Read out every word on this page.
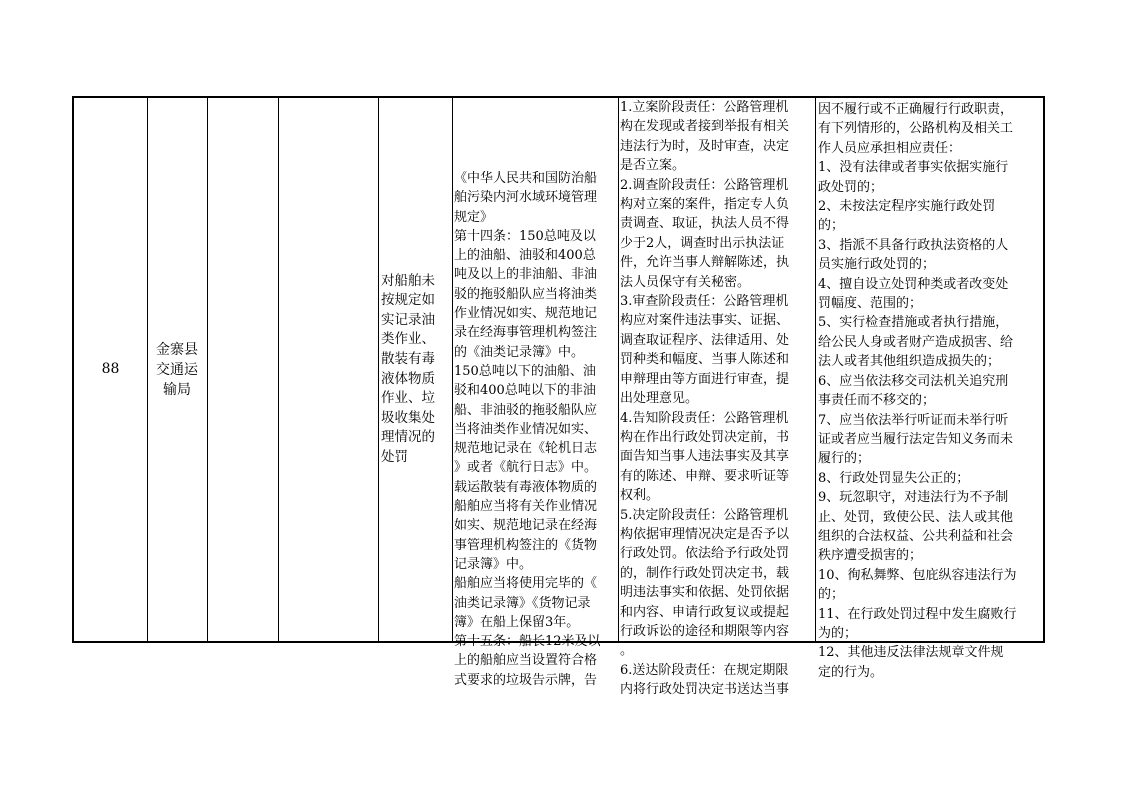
88
金寨县
交通运
输局
对船舶未
按规定如
实记录油
类作业、
散装有毒
液体物质
作业、垃
圾收集处
理情况的
处罚
《中华人民共和国防治船
舶污染内河水域环境管理
规定》
第十四条：150总吨及以
上的油船、油驳和400总
吨及以上的非油船、非油
驳的拖驳船队应当将油类
作业情况如实、规范地记
录在经海事管理机构签注
的《油类记录簿》中。
150总吨以下的油船、油
驳和400总吨以下的非油
船、非油驳的拖驳船队应
当将油类作业情况如实、
规范地记录在《轮机日志
》或者《航行日志》中。
载运散装有毒液体物质的
船舶应当将有关作业情况
如实、规范地记录在经海
事管理机构签注的《货物
记录簿》中。
船舶应当将使用完毕的《
油类记录簿》《货物记录
簿》在船上保留3年。
第十五条：船长12米及以
上的船舶应当设置符合格
式要求的垃圾告示牌，告
1.立案阶段责任：公路管理机
构在发现或者接到举报有相关
违法行为时，及时审查，决定
是否立案。
2.调查阶段责任：公路管理机
构对立案的案件，指定专人负
责调查、取证，执法人员不得
少于2人，调查时出示执法证
件，允许当事人辩解陈述，执
法人员保守有关秘密。
3.审查阶段责任：公路管理机
构应对案件违法事实、证据、
调查取证程序、法律适用、处
罚种类和幅度、当事人陈述和
申辩理由等方面进行审查，提
出处理意见。
4.告知阶段责任：公路管理机
构在作出行政处罚决定前，书
面告知当事人违法事实及其享
有的陈述、申辩、要求听证等
权利。
5.决定阶段责任：公路管理机
构依据审理情况决定是否予以
行政处罚。依法给予行政处罚
的，制作行政处罚决定书，载
明违法事实和依据、处罚依据
和内容、申请行政复议或提起
行政诉讼的途径和期限等内容
。
6.送达阶段责任：在规定期限
内将行政处罚决定书送达当事
因不履行或不正确履行行政职责，
有下列情形的，公路机构及相关工
作人员应承担相应责任：
1、没有法律或者事实依据实施行
政处罚的；
2、未按法定程序实施行政处罚
的；
3、指派不具备行政执法资格的人
员实施行政处罚的；
4、擅自设立处罚种类或者改变处
罚幅度、范围的；
5、实行检查措施或者执行措施，
给公民人身或者财产造成损害、给
法人或者其他组织造成损失的；
6、应当依法移交司法机关追究刑
事责任而不移交的；
7、应当依法举行听证而未举行听
证或者应当履行法定告知义务而未
履行的；
8、行政处罚显失公正的；
9、玩忽职守，对违法行为不予制
止、处罚，致使公民、法人或其他
组织的合法权益、公共利益和社会
秩序遭受损害的；
10、徇私舞弊、包庇纵容违法行为
的；
11、在行政处罚过程中发生腐败行
为的；
12、其他违反法律法规章文件规
定的行为。
